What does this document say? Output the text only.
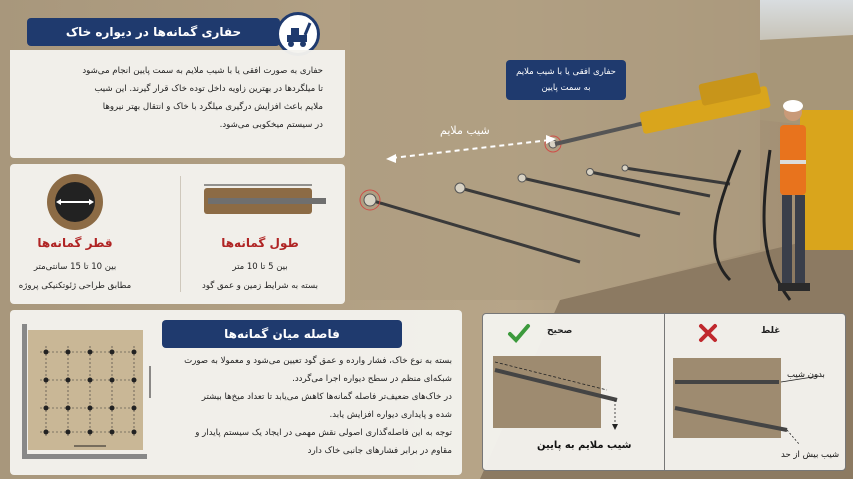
حفاری گمانه‌ها در دیواره خاک
حفاری به صورت افقی یا با شیب ملایم به سمت پایین انجام می‌شود
تا میلگردها در بهترین زاویه داخل توده خاک قرار گیرند. این شیب
ملایم باعث افزایش درگیری میلگرد با خاک و انتقال بهتر نیروها
در سیستم میخکوبی می‌شود.
طول گمانه‌ها
بین 5 تا 10 متر
بسته به شرایط زمین و عمق گود
قطر گمانه‌ها
بین 10 تا 15 سانتی‌متر
مطابق طراحی ژئوتکنیکی پروژه
فاصله میان گمانه‌ها
بسته به نوع خاک، فشار وارده و عمق گود تعیین می‌شود و معمولا به صورت
شبکه‌ای منظم در سطح دیواره اجرا می‌گردد.
در خاک‌های ضعیف‌تر فاصله گمانه‌ها کاهش می‌یابد تا تعداد میخ‌ها بیشتر
شده و پایداری دیواره افزایش یابد.
توجه به این فاصله‌گذاری اصولی نقش مهمی در ایجاد یک سیستم پایدار و
مقاوم در برابر فشارهای جانبی خاک دارد
حفاری افقی یا با شیب ملایم
به سمت پایین
شیب ملایم
صحیح
شیب ملایم به پایین
غلط
بدون شیب
شیب بیش از حد
